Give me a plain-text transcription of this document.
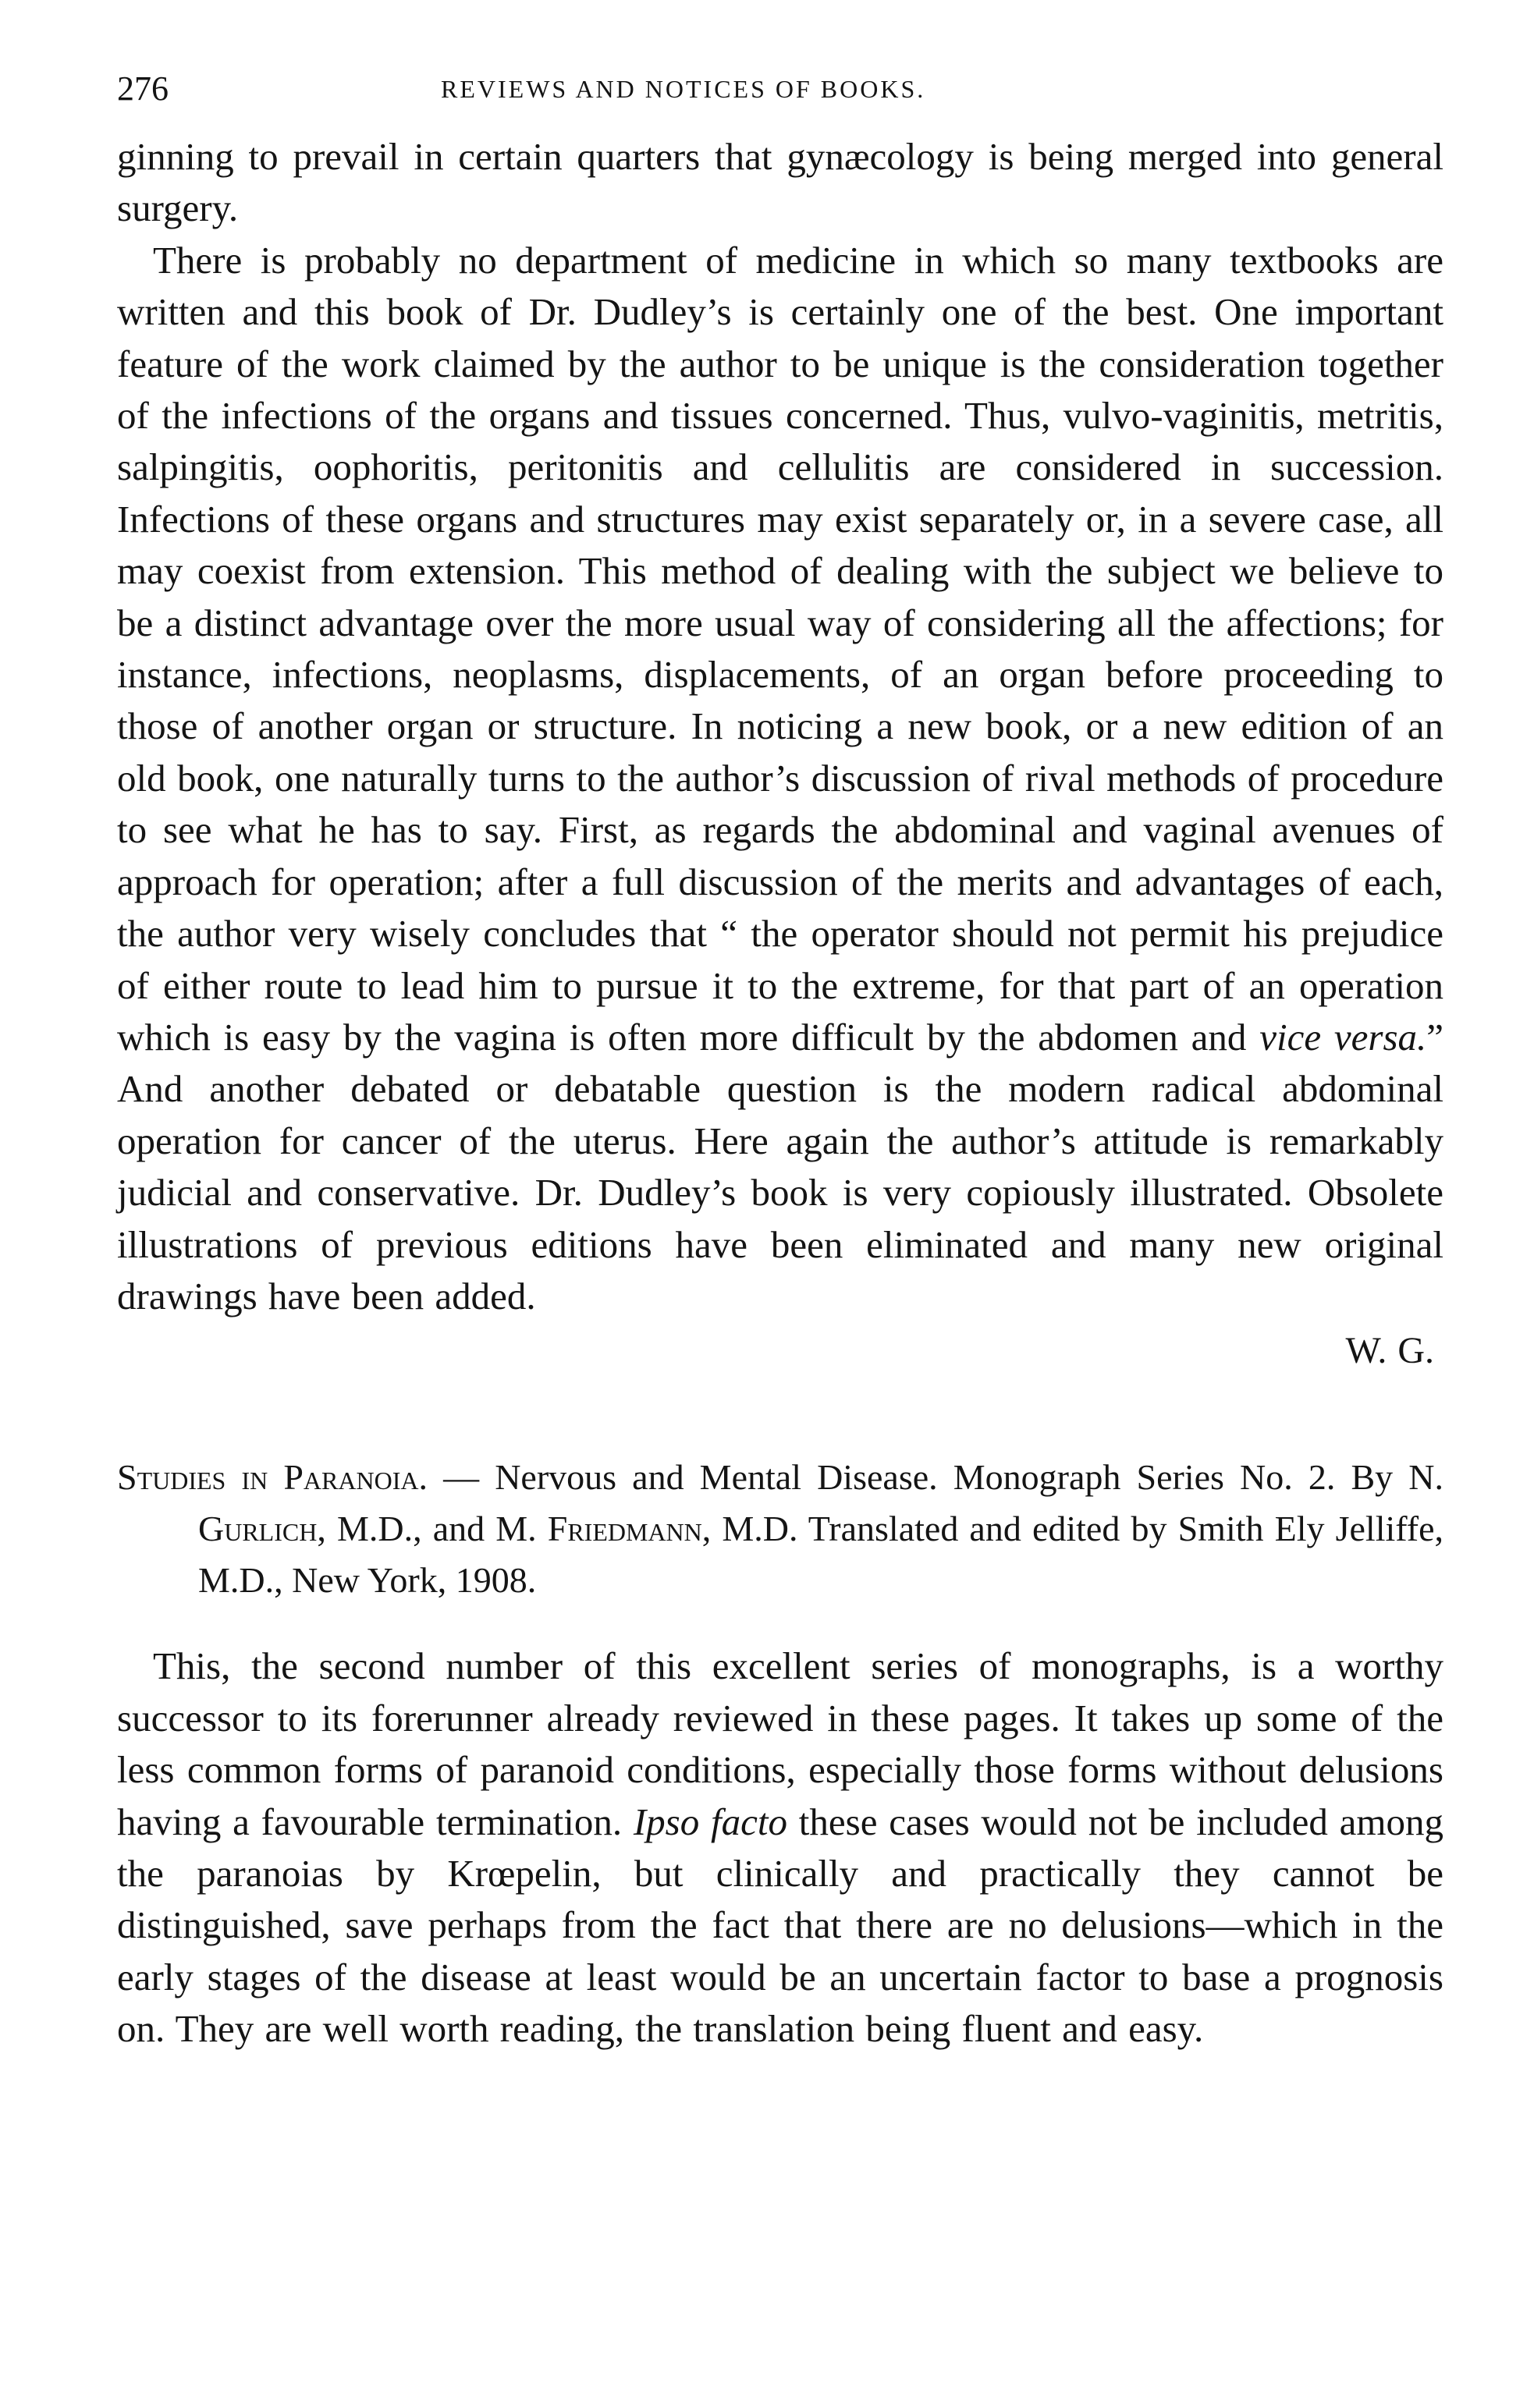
276	REVIEWS AND NOTICES OF BOOKS.

ginning to prevail in certain quarters that gynæcology is being merged into general surgery.

There is probably no department of medicine in which so many textbooks are written and this book of Dr. Dudley’s is certainly one of the best. One important feature of the work claimed by the author to be unique is the consideration together of the infections of the organs and tissues concerned. Thus, vulvo-vaginitis, metritis, salpingitis, oophoritis, peritonitis and cellulitis are considered in succession. Infections of these organs and structures may exist separately or, in a severe case, all may coexist from extension. This method of dealing with the subject we believe to be a distinct advantage over the more usual way of considering all the affections; for instance, infections, neoplasms, displacements, of an organ before proceeding to those of another organ or structure. In noticing a new book, or a new edition of an old book, one naturally turns to the author’s discussion of rival methods of procedure to see what he has to say. First, as regards the abdominal and vaginal avenues of approach for operation; after a full discussion of the merits and advantages of each, the author very wisely concludes that “ the operator should not permit his prejudice of either route to lead him to pursue it to the extreme, for that part of an operation which is easy by the vagina is often more difficult by the abdomen and vice versa.” And another debated or debatable question is the modern radical abdominal operation for cancer of the uterus. Here again the author’s attitude is remarkably judicial and conservative. Dr. Dudley’s book is very copiously illustrated. Obsolete illustrations of previous editions have been eliminated and many new original drawings have been added.

W. G.
Studies in Paranoia. — Nervous and Mental Disease. Monograph Series No. 2. By N. Gurlich, M.D., and M. Friedmann, M.D. Translated and edited by Smith Ely Jelliffe, M.D., New York, 1908.

This, the second number of this excellent series of monographs, is a worthy successor to its forerunner already reviewed in these pages. It takes up some of the less common forms of paranoid conditions, especially those forms without delusions having a favourable termination. Ipso facto these cases would not be included among the paranoias by Krœpelin, but clinically and practically they cannot be distinguished, save perhaps from the fact that there are no delusions—which in the early stages of the disease at least would be an uncertain factor to base a prognosis on. They are well worth reading, the translation being fluent and easy.
